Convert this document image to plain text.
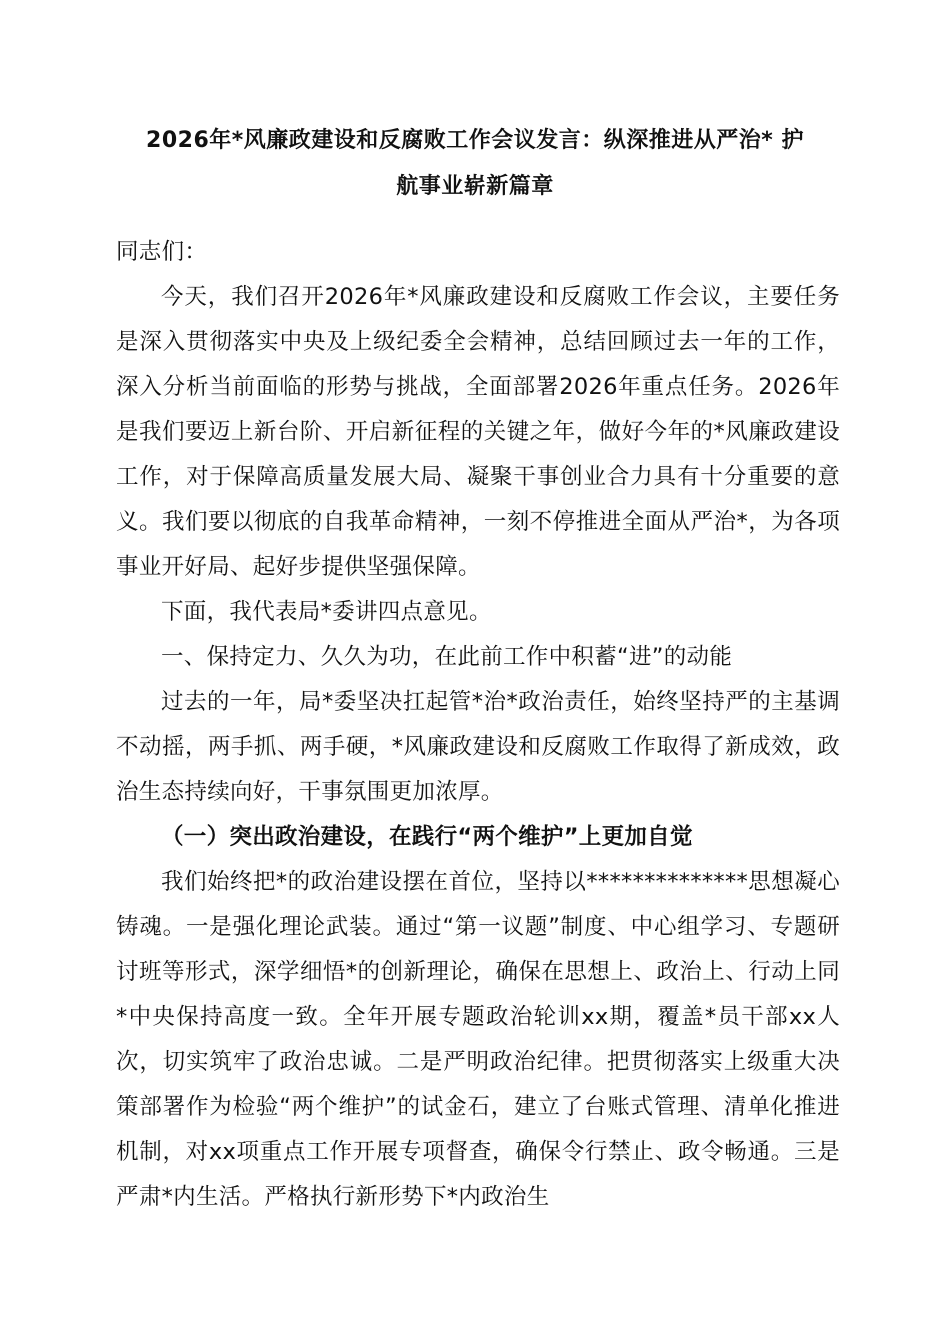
2026年*风廉政建设和反腐败工作会议发言：纵深推进从严治* 护
航事业崭新篇章

同志们：

今天，我们召开2026年*风廉政建设和反腐败工作会议，主要任务是深入贯彻落实中央及上级纪委全会精神，总结回顾过去一年的工作，深入分析当前面临的形势与挑战，全面部署2026年重点任务。2026年是我们要迈上新台阶、开启新征程的关键之年，做好今年的*风廉政建设工作，对于保障高质量发展大局、凝聚干事创业合力具有十分重要的意义。我们要以彻底的自我革命精神，一刻不停推进全面从严治*，为各项事业开好局、起好步提供坚强保障。

下面，我代表局*委讲四点意见。

一、保持定力、久久为功，在此前工作中积蓄“进”的动能

过去的一年，局*委坚决扛起管*治*政治责任，始终坚持严的主基调不动摇，两手抓、两手硬，*风廉政建设和反腐败工作取得了新成效，政治生态持续向好，干事氛围更加浓厚。

（一）突出政治建设，在践行“两个维护”上更加自觉

我们始终把*的政治建设摆在首位，坚持以**************思想凝心铸魂。一是强化理论武装。通过“第一议题”制度、中心组学习、专题研讨班等形式，深学细悟*的创新理论，确保在思想上、政治上、行动上同*中央保持高度一致。全年开展专题政治轮训xx期，覆盖*员干部xx人次，切实筑牢了政治忠诚。二是严明政治纪律。把贯彻落实上级重大决策部署作为检验“两个维护”的试金石，建立了台账式管理、清单化推进机制，对xx项重点工作开展专项督查，确保令行禁止、政令畅通。三是严肃*内生活。严格执行新形势下*内政治生
